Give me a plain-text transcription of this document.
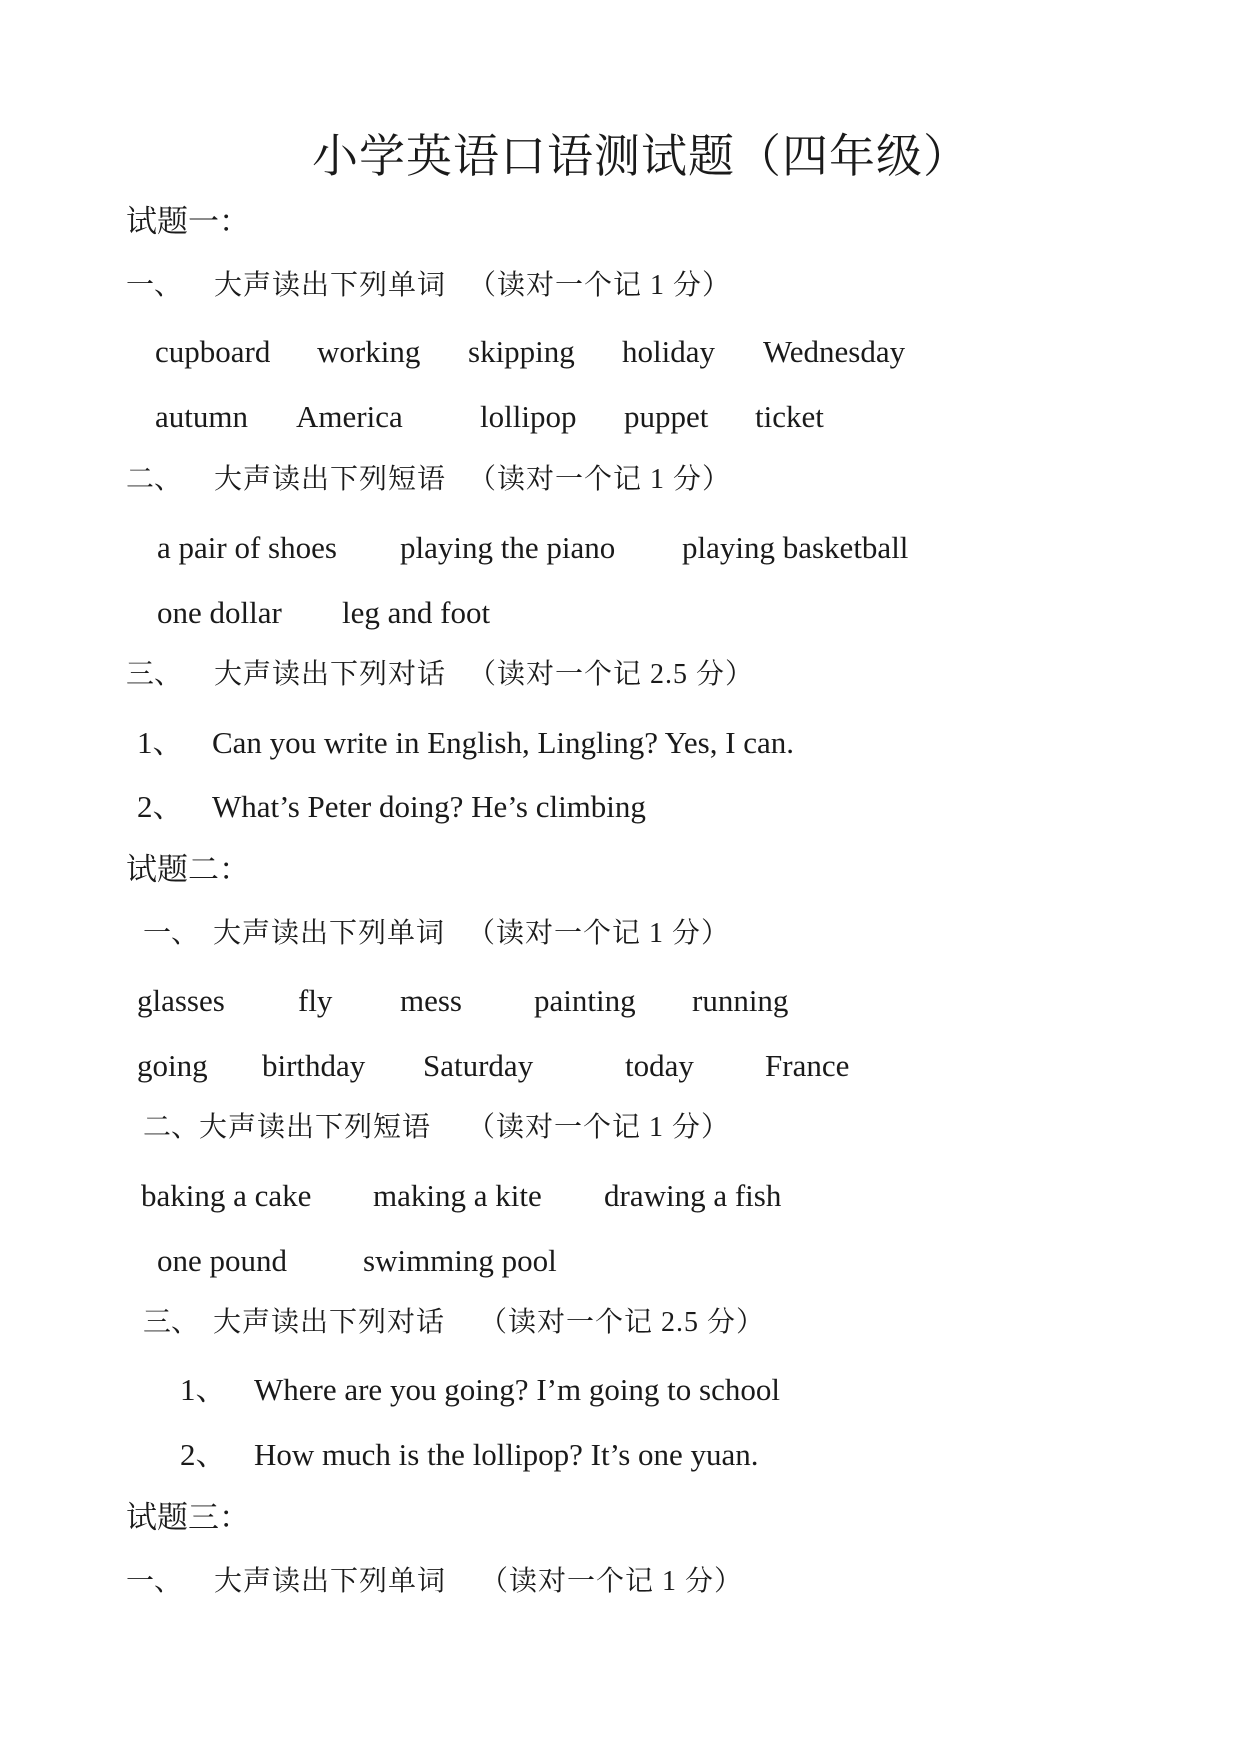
小学英语口语测试题（四年级）
试题一：
一、 大声读出下列单词 （读对一个记 1 分）
cupboard working skipping holiday Wednesday
autumn America lollipop puppet ticket
二、 大声读出下列短语 （读对一个记 1 分）
a pair of shoes playing the piano playing basketball
one dollar leg and foot
三、 大声读出下列对话 （读对一个记 2.5 分）
1、 Can you write in English, Lingling? Yes, I can.
2、 What’s Peter doing? He’s climbing
试题二：
一、 大声读出下列单词 （读对一个记 1 分）
glasses fly mess painting running
going birthday Saturday	today France
二、大声读出下列短语 （读对一个记 1 分）
baking a cake making a kite drawing a fish
one pound swimming pool
三、 大声读出下列对话 （读对一个记 2.5 分）
1、 Where are you going? I’m going to school
2、 How much is the lollipop? It’s one yuan.
试题三：
一、 大声读出下列单词 （读对一个记 1 分）
